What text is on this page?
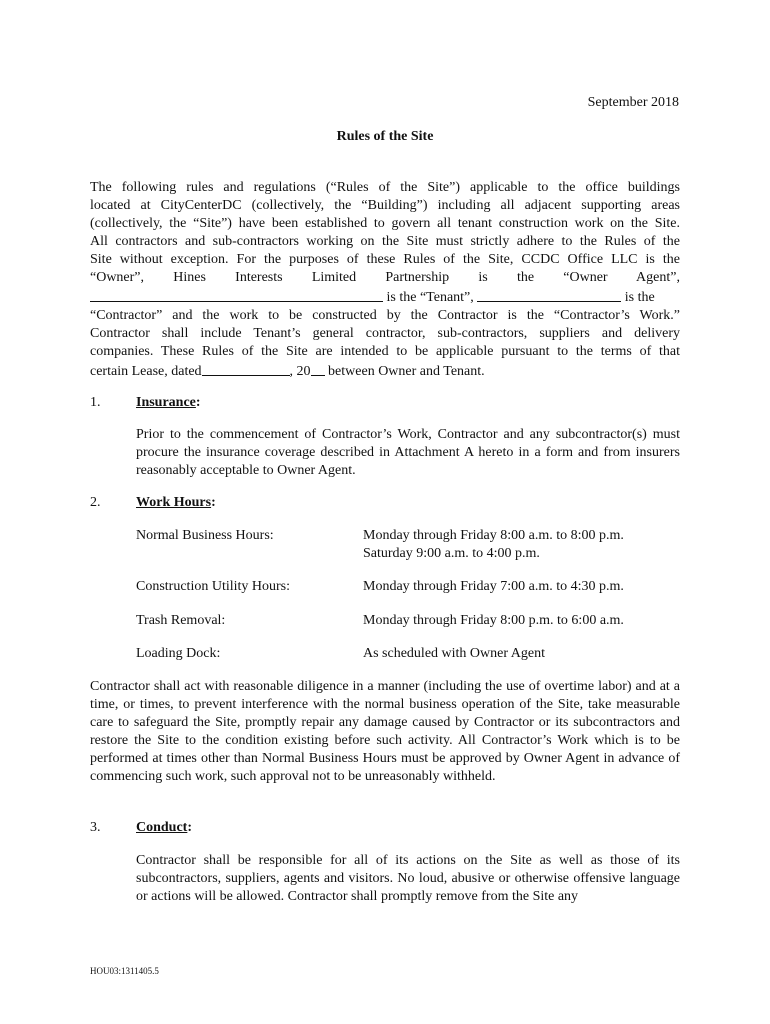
September 2018
Rules of the Site
The following rules and regulations (“Rules of the Site”) applicable to the office buildings
located at CityCenterDC (collectively, the “Building”) including all adjacent supporting areas
(collectively, the “Site”) have been established to govern all tenant construction work on the Site.
All contractors and sub-contractors working on the Site must strictly adhere to the Rules of the
Site without exception. For the purposes of these Rules of the Site, CCDC Office LLC is the
“Owner”, Hines Interests Limited Partnership is the “Owner Agent”,
is the “Tenant”,	is the
“Contractor” and the work to be constructed by the Contractor is the “Contractor’s Work.”
Contractor shall include Tenant’s general contractor, sub-contractors, suppliers and delivery
companies. These Rules of the Site are intended to be applicable pursuant to the terms of that
certain Lease, dated	, 20 between Owner and Tenant.
1.	Insurance:
Prior to the commencement of Contractor’s Work, Contractor and any subcontractor(s) must procure the insurance coverage described in Attachment A hereto in a form and from insurers reasonably acceptable to Owner Agent.
2.	Work Hours:
Normal Business Hours:	Monday through Friday 8:00 a.m. to 8:00 p.m.
Saturday 9:00 a.m. to 4:00 p.m.
Construction Utility Hours:	Monday through Friday 7:00 a.m. to 4:30 p.m.
Trash Removal:	Monday through Friday 8:00 p.m. to 6:00 a.m.
Loading Dock:	As scheduled with Owner Agent
Contractor shall act with reasonable diligence in a manner (including the use of overtime labor) and at a time, or times, to prevent interference with the normal business operation of the Site, take measurable care to safeguard the Site, promptly repair any damage caused by Contractor or its subcontractors and restore the Site to the condition existing before such activity. All Contractor’s Work which is to be performed at times other than Normal Business Hours must be approved by Owner Agent in advance of commencing such work, such approval not to be unreasonably withheld.
3.	Conduct:
Contractor shall be responsible for all of its actions on the Site as well as those of its subcontractors, suppliers, agents and visitors. No loud, abusive or otherwise offensive language or actions will be allowed. Contractor shall promptly remove from the Site any
HOU03:1311405.5
